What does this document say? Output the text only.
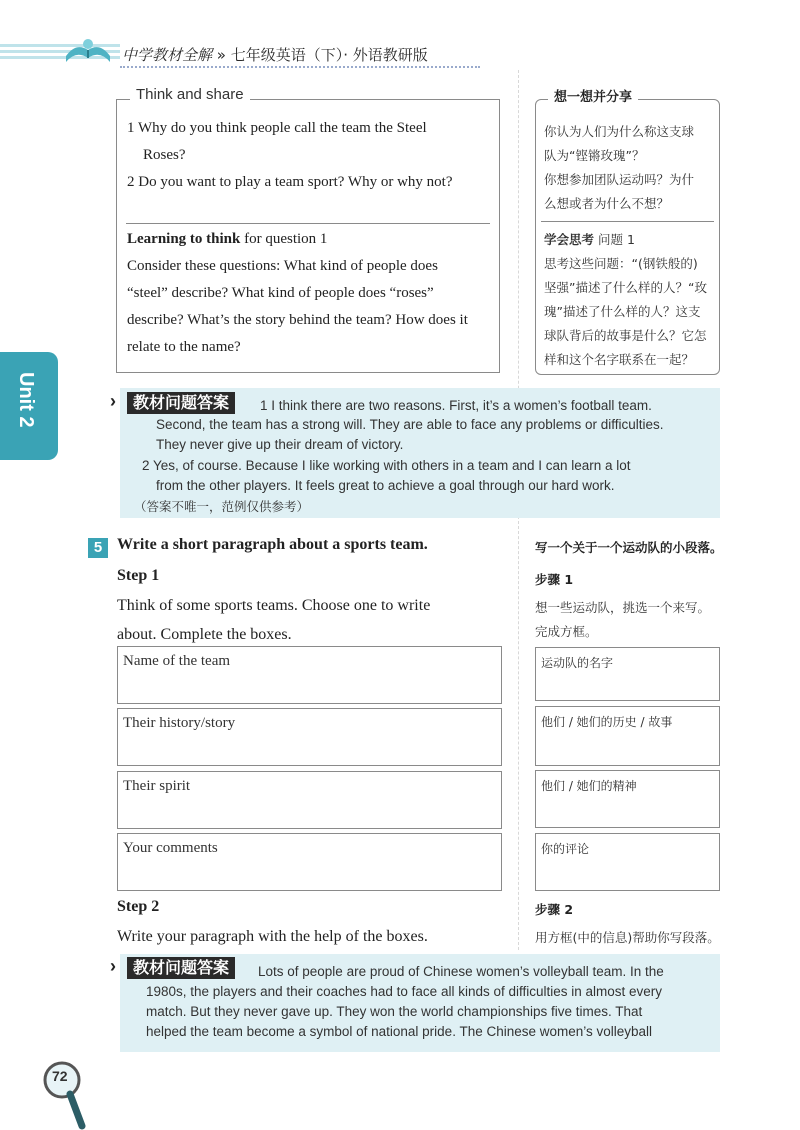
中学教材全解 » 七年级英语（下）· 外语教研版
Think and share
1 Why do you think people call the team the Steel
Roses?
2 Do you want to play a team sport? Why or why not?
Learning to think for question 1
Consider these questions: What kind of people does
“steel” describe? What kind of people does “roses”
describe? What’s the story behind the team? How does it
relate to the name?
想一想并分享
你认为人们为什么称这支球
队为“铿锵玫瑰”？
你想参加团队运动吗？为什
么想或者为什么不想？
学会思考 问题 1
思考这些问题：“(钢铁般的)
坚强”描述了什么样的人？“玫
瑰”描述了什么样的人？这支
球队背后的故事是什么？它怎
样和这个名字联系在一起？
Unit 2	›	教材问题答案	1 I think there are two reasons. First, it’s a women’s football team.
Second, the team has a strong will. They are able to face any problems or difficulties.
They never give up their dream of victory.
2 Yes, of course. Because I like working with others in a team and I can learn a lot
from the other players. It feels great to achieve a goal through our hard work.
（答案不唯一，范例仅供参考）
5 Write a short paragraph about a sports team.	写一个关于一个运动队的小段落。
Step 1	步骤 1
Think of some sports teams. Choose one to write
about. Complete the boxes.
想一些运动队，挑选一个来写。
完成方框。
Name of the team
Their history/story
Their spirit
Your comments
运动队的名字
他们 / 她们的历史 / 故事
他们 / 她们的精神
你的评论
Step 2	步骤 2
Write your paragraph with the help of the boxes.	用方框(中的信息)帮助你写段落。
›	教材问题答案	Lots of people are proud of Chinese women’s volleyball team. In the
1980s, the players and their coaches had to face all kinds of difficulties in almost every
match. But they never gave up. They won the world championships five times. That
helped the team become a symbol of national pride. The Chinese women’s volleyball
72
